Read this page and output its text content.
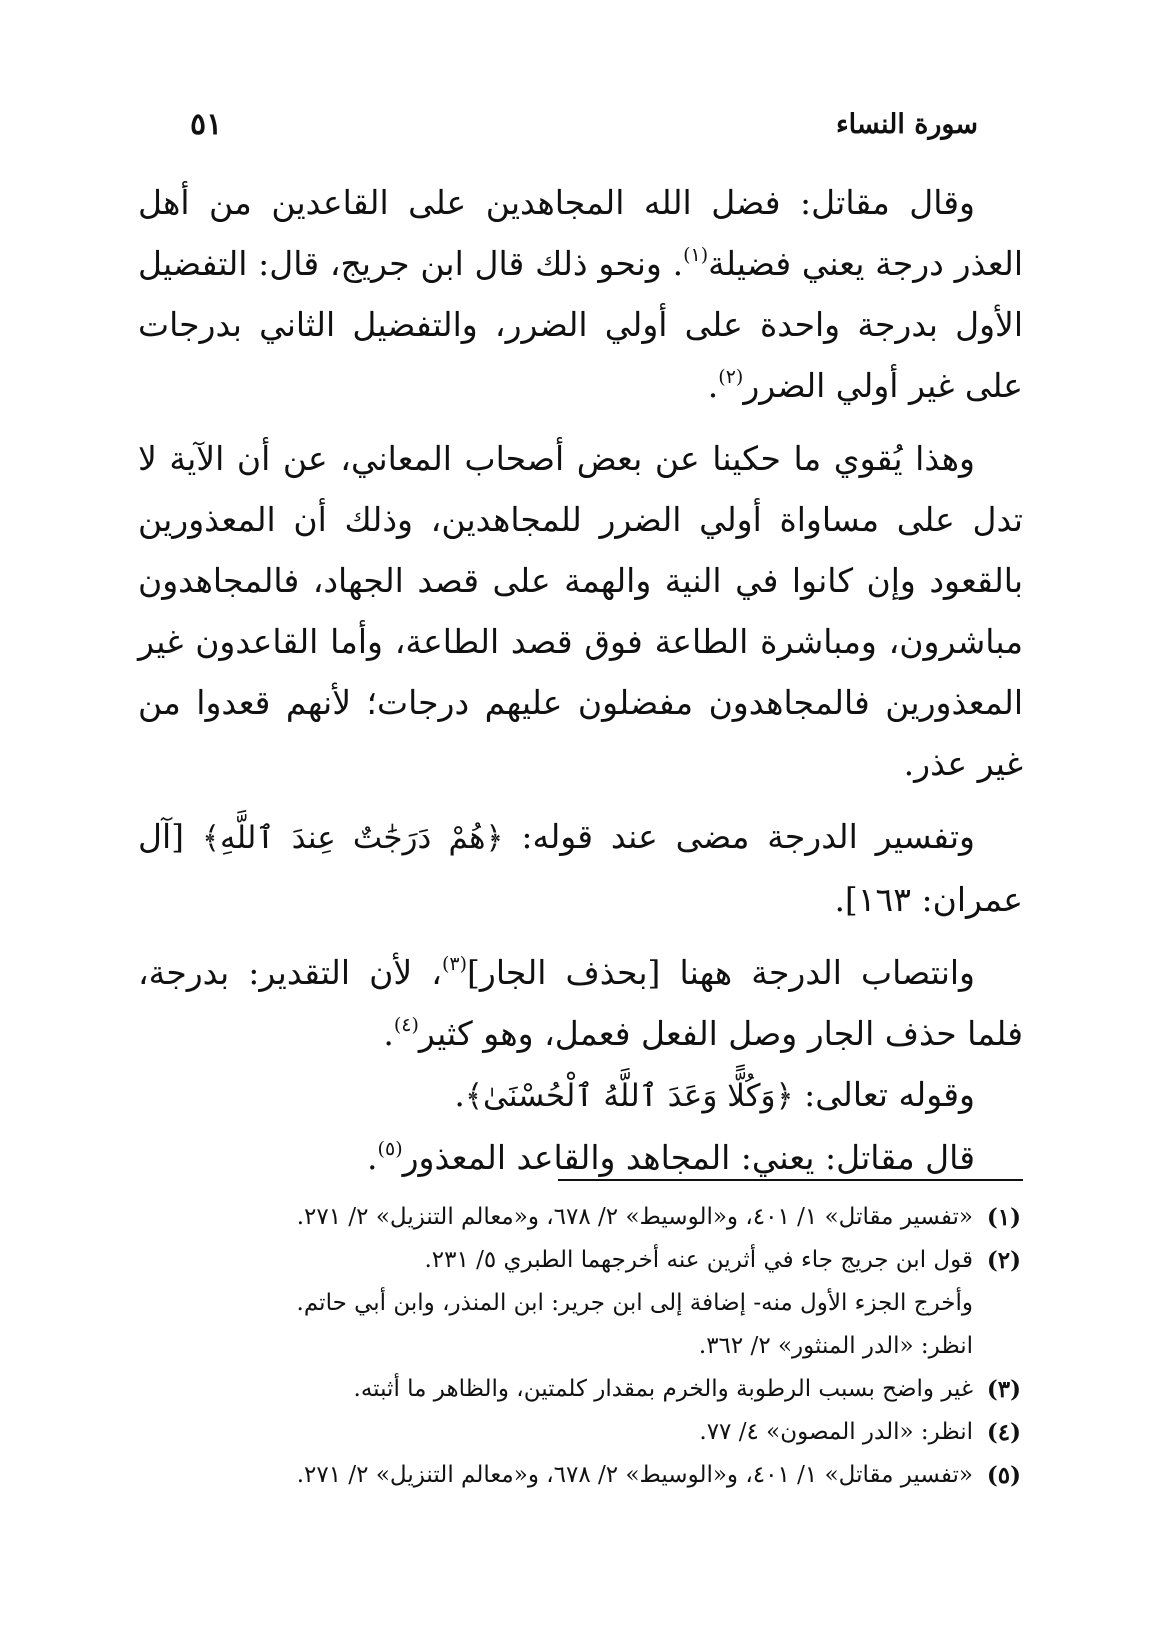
سورة النساء
٥١

وقال مقاتل: فضل الله المجاهدين على القاعدين من أهل العذر درجة يعني فضيلة$^{(١)}$. ونحو ذلك قال ابن جريج، قال: التفضيل الأول بدرجة واحدة على أولي الضرر، والتفضيل الثاني بدرجات على غير أولي الضرر$^{(٢)}$.

وهذا يُقوي ما حكينا عن بعض أصحاب المعاني، عن أن الآية لا تدل على مساواة أولي الضرر للمجاهدين، وذلك أن المعذورين بالقعود وإن كانوا في النية والهمة على قصد الجهاد، فالمجاهدون مباشرون، ومباشرة الطاعة فوق قصد الطاعة، وأما القاعدون غير المعذورين فالمجاهدون مفضلون عليهم درجات؛ لأنهم قعدوا من غير عذر.

وتفسير الدرجة مضى عند قوله: ﴿هُمْ دَرَجَٰتٌ عِندَ ٱللَّهِ﴾ [آل عمران: ١٦٣].

وانتصاب الدرجة ههنا [بحذف الجار]$^{(٣)}$، لأن التقدير: بدرجة، فلما حذف الجار وصل الفعل فعمل، وهو كثير$^{(٤)}$.

وقوله تعالى: ﴿وَكُلًّا وَعَدَ ٱللَّهُ ٱلْحُسْنَىٰ﴾.

قال مقاتل: يعني: المجاهد والقاعد المعذور$^{(٥)}$.

(١)
«تفسير مقاتل» ١/ ٤٠١، و«الوسيط» ٢/ ٦٧٨، و«معالم التنزيل» ٢/ ٢٧١.
(٢)
قول ابن جريج جاء في أثرين عنه أخرجهما الطبري ٥/ ٢٣١.
وأخرج الجزء الأول منه- إضافة إلى ابن جرير: ابن المنذر، وابن أبي حاتم.
انظر: «الدر المنثور» ٢/ ٣٦٢.
(٣)
غير واضح بسبب الرطوبة والخرم بمقدار كلمتين، والظاهر ما أثبته.
(٤)
انظر: «الدر المصون» ٤/ ٧٧.
(٥)
«تفسير مقاتل» ١/ ٤٠١، و«الوسيط» ٢/ ٦٧٨، و«معالم التنزيل» ٢/ ٢٧١.
